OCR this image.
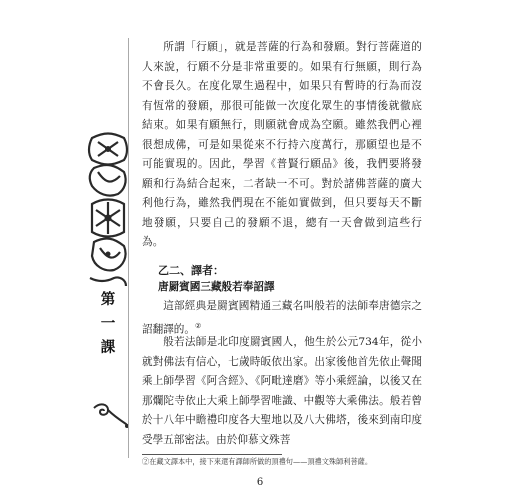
第
一
課

所謂「行願」，就是菩薩的行為和發願。對行菩薩道的人來說，行願不分是非常重要的。如果有行無願，則行為不會長久。在度化眾生過程中，如果只有暫時的行為而沒有恆常的發願，那很可能做一次度化眾生的事情後就徹底結束。如果有願無行，則願就會成為空願。雖然我們心裡很想成佛，可是如果從來不行持六度萬行，那願望也是不可能實現的。因此，學習《普賢行願品》後，我們要將發願和行為結合起來，二者缺一不可。對於諸佛菩薩的廣大利他行為，雖然我們現在不能如實做到，但只要每天不斷地發願，只要自己的發願不退，總有一天會做到這些行為。

乙二、譯者：
唐罽賓國三藏般若奉詔譯

這部經典是罽賓國精通三藏名叫般若的法師奉唐德宗之詔翻譯的。②

般若法師是北印度罽賓國人，他生於公元734年，從小就對佛法有信心，七歲時皈依出家。出家後他首先依止聲聞乘上師學習《阿含經》、《阿毗達磨》等小乘經論，以後又在那爛陀寺依止大乘上師學習唯識、中觀等大乘佛法。般若曾於十八年中瞻禮印度各大聖地以及八大佛塔，後來到南印度受學五部密法。由於仰慕文殊菩

②在藏文譯本中，接下來還有譯師所做的頂禮句——頂禮文殊師利菩薩。
6
